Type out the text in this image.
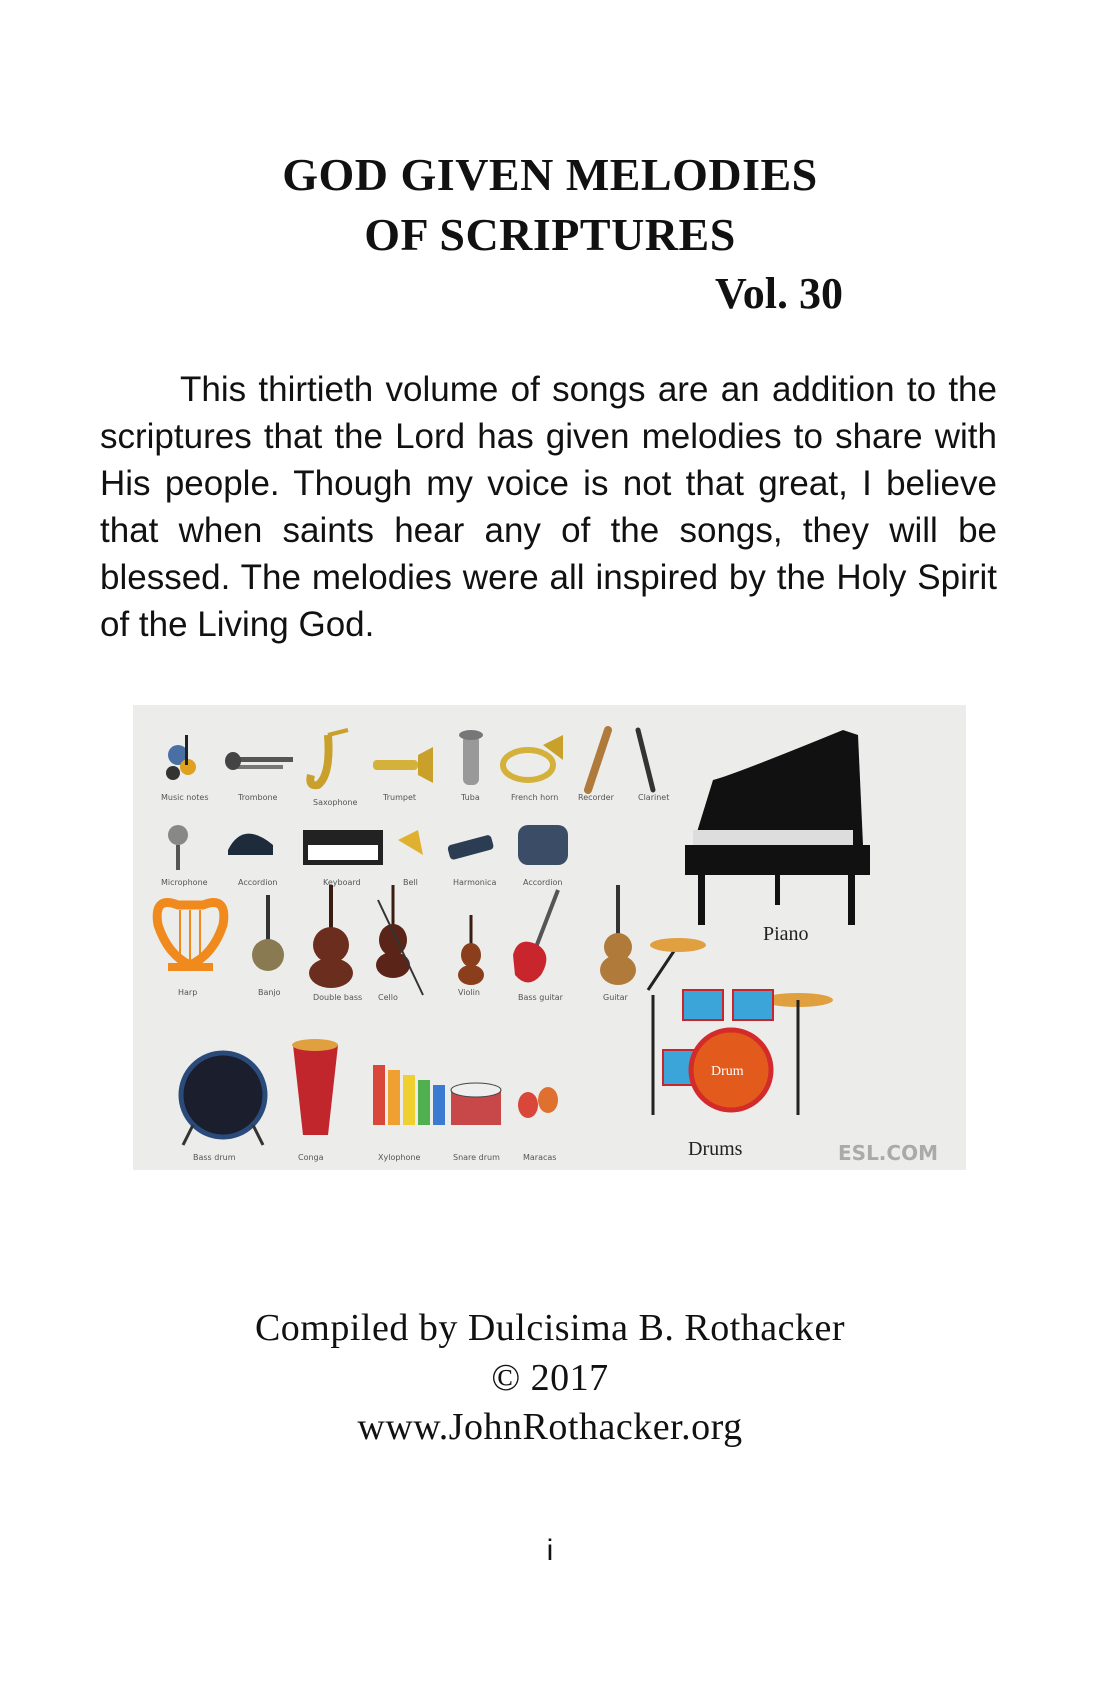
GOD GIVEN MELODIES
OF SCRIPTURES
Vol. 30

This thirtieth volume of songs are an addition to the scriptures that the Lord has given melodies to share with His people. Though my voice is not that great, I believe that when saints hear any of the songs, they will be blessed. The melodies were all inspired by the Holy Spirit of the Living God.

Music notes	Trombone
Saxophone
Trumpet	Tuba	French horn Recorder	Clarinet
Microphone	Accordion	Keyboard	Bell	Harmonica	Accordion
Harp	Banjo
Double bass Cello
Violin
Bass guitar	Guitar
Bass drum	Conga	Xylophone	Snare drum	Maracas
Piano
Drum
Drums	ESL.COM
Compiled by Dulcisima B. Rothacker
© 2017
www.JohnRothacker.org
i
